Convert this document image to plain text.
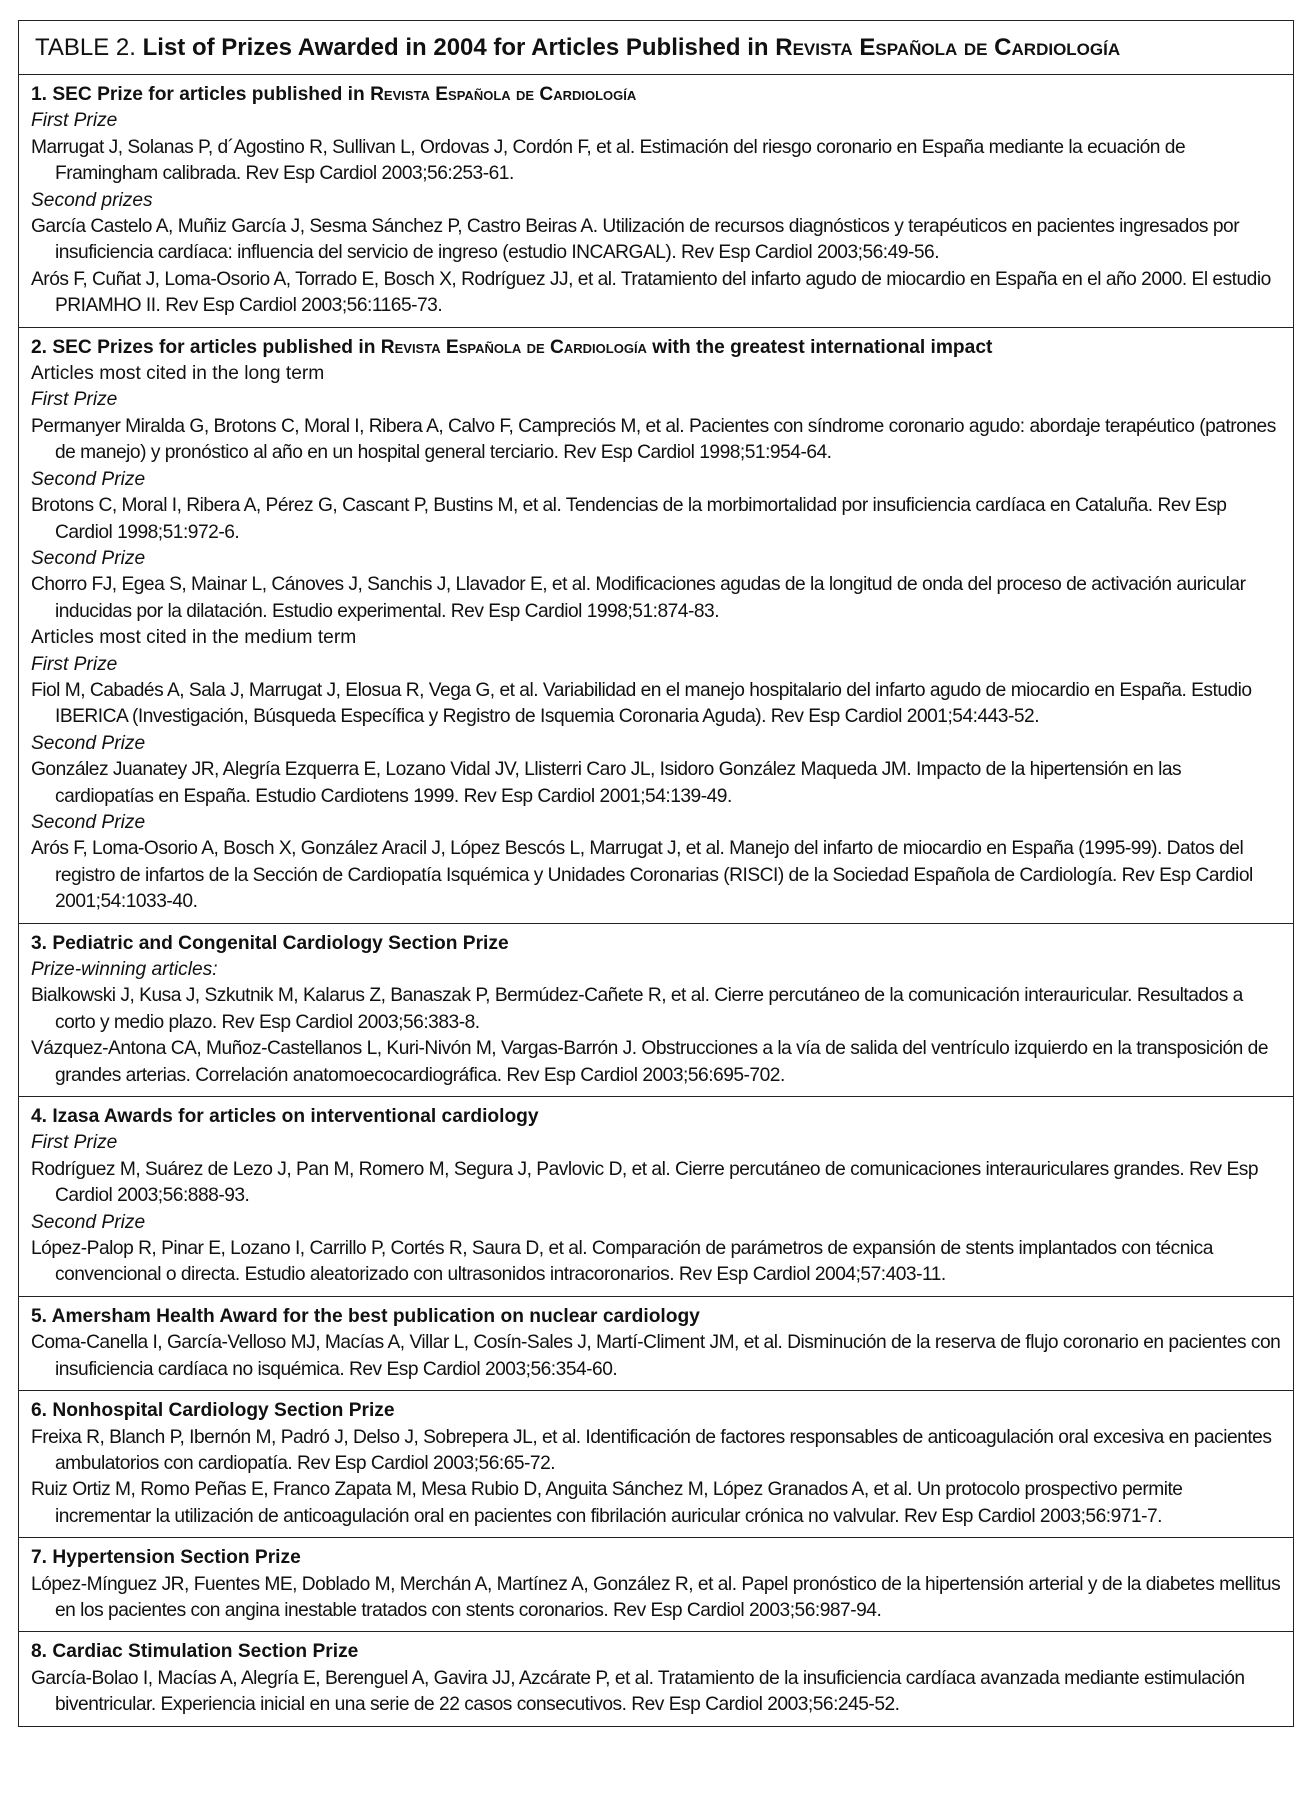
TABLE 2. List of Prizes Awarded in 2004 for Articles Published in Revista Española de Cardiología
1. SEC Prize for articles published in Revista Española de Cardiología
First Prize
Marrugat J, Solanas P, d´Agostino R, Sullivan L, Ordovas J, Cordón F, et al. Estimación del riesgo coronario en España mediante la ecuación de Framingham calibrada. Rev Esp Cardiol 2003;56:253-61.
Second prizes
García Castelo A, Muñiz García J, Sesma Sánchez P, Castro Beiras A. Utilización de recursos diagnósticos y terapéuticos en pacientes ingresados por insuficiencia cardíaca: influencia del servicio de ingreso (estudio INCARGAL). Rev Esp Cardiol 2003;56:49-56.
Arós F, Cuñat J, Loma-Osorio A, Torrado E, Bosch X, Rodríguez JJ, et al. Tratamiento del infarto agudo de miocardio en España en el año 2000. El estudio PRIAMHO II. Rev Esp Cardiol 2003;56:1165-73.
2. SEC Prizes for articles published in Revista Española de Cardiología with the greatest international impact
Articles most cited in the long term
First Prize
Permanyer Miralda G, Brotons C, Moral I, Ribera A, Calvo F, Campreciós M, et al. Pacientes con síndrome coronario agudo: abordaje terapéutico (patrones de manejo) y pronóstico al año en un hospital general terciario. Rev Esp Cardiol 1998;51:954-64.
Second Prize
Brotons C, Moral I, Ribera A, Pérez G, Cascant P, Bustins M, et al. Tendencias de la morbimortalidad por insuficiencia cardíaca en Cataluña. Rev Esp Cardiol 1998;51:972-6.
Second Prize
Chorro FJ, Egea S, Mainar L, Cánoves J, Sanchis J, Llavador E, et al. Modificaciones agudas de la longitud de onda del proceso de activación auricular inducidas por la dilatación. Estudio experimental. Rev Esp Cardiol 1998;51:874-83.
Articles most cited in the medium term
First Prize
Fiol M, Cabadés A, Sala J, Marrugat J, Elosua R, Vega G, et al. Variabilidad en el manejo hospitalario del infarto agudo de miocardio en España. Estudio IBERICA (Investigación, Búsqueda Específica y Registro de Isquemia Coronaria Aguda). Rev Esp Cardiol 2001;54:443-52.
Second Prize
González Juanatey JR, Alegría Ezquerra E, Lozano Vidal JV, Llisterri Caro JL, Isidoro González Maqueda JM. Impacto de la hipertensión en las cardiopatías en España. Estudio Cardiotens 1999. Rev Esp Cardiol 2001;54:139-49.
Second Prize
Arós F, Loma-Osorio A, Bosch X, González Aracil J, López Bescós L, Marrugat J, et al. Manejo del infarto de miocardio en España (1995-99). Datos del registro de infartos de la Sección de Cardiopatía Isquémica y Unidades Coronarias (RISCI) de la Sociedad Española de Cardiología. Rev Esp Cardiol 2001;54:1033-40.
3. Pediatric and Congenital Cardiology Section Prize
Prize-winning articles:
Bialkowski J, Kusa J, Szkutnik M, Kalarus Z, Banaszak P, Bermúdez-Cañete R, et al. Cierre percutáneo de la comunicación interauricular. Resultados a corto y medio plazo. Rev Esp Cardiol 2003;56:383-8.
Vázquez-Antona CA, Muñoz-Castellanos L, Kuri-Nivón M, Vargas-Barrón J. Obstrucciones a la vía de salida del ventrículo izquierdo en la transposición de grandes arterias. Correlación anatomoecocardiográfica. Rev Esp Cardiol 2003;56:695-702.
4. Izasa Awards for articles on interventional cardiology
First Prize
Rodríguez M, Suárez de Lezo J, Pan M, Romero M, Segura J, Pavlovic D, et al. Cierre percutáneo de comunicaciones interauriculares grandes. Rev Esp Cardiol 2003;56:888-93.
Second Prize
López-Palop R, Pinar E, Lozano I, Carrillo P, Cortés R, Saura D, et al. Comparación de parámetros de expansión de stents implantados con técnica convencional o directa. Estudio aleatorizado con ultrasonidos intracoronarios. Rev Esp Cardiol 2004;57:403-11.
5. Amersham Health Award for the best publication on nuclear cardiology
Coma-Canella I, García-Velloso MJ, Macías A, Villar L, Cosín-Sales J, Martí-Climent JM, et al. Disminución de la reserva de flujo coronario en pacientes con insuficiencia cardíaca no isquémica. Rev Esp Cardiol 2003;56:354-60.
6. Nonhospital Cardiology Section Prize
Freixa R, Blanch P, Ibernón M, Padró J, Delso J, Sobrepera JL, et al. Identificación de factores responsables de anticoagulación oral excesiva en pacientes ambulatorios con cardiopatía. Rev Esp Cardiol 2003;56:65-72.
Ruiz Ortiz M, Romo Peñas E, Franco Zapata M, Mesa Rubio D, Anguita Sánchez M, López Granados A, et al. Un protocolo prospectivo permite incrementar la utilización de anticoagulación oral en pacientes con fibrilación auricular crónica no valvular. Rev Esp Cardiol 2003;56:971-7.
7. Hypertension Section Prize
López-Mínguez JR, Fuentes ME, Doblado M, Merchán A, Martínez A, González R, et al. Papel pronóstico de la hipertensión arterial y de la diabetes mellitus en los pacientes con angina inestable tratados con stents coronarios. Rev Esp Cardiol 2003;56:987-94.
8. Cardiac Stimulation Section Prize
García-Bolao I, Macías A, Alegría E, Berenguel A, Gavira JJ, Azcárate P, et al. Tratamiento de la insuficiencia cardíaca avanzada mediante estimulación biventricular. Experiencia inicial en una serie de 22 casos consecutivos. Rev Esp Cardiol 2003;56:245-52.
